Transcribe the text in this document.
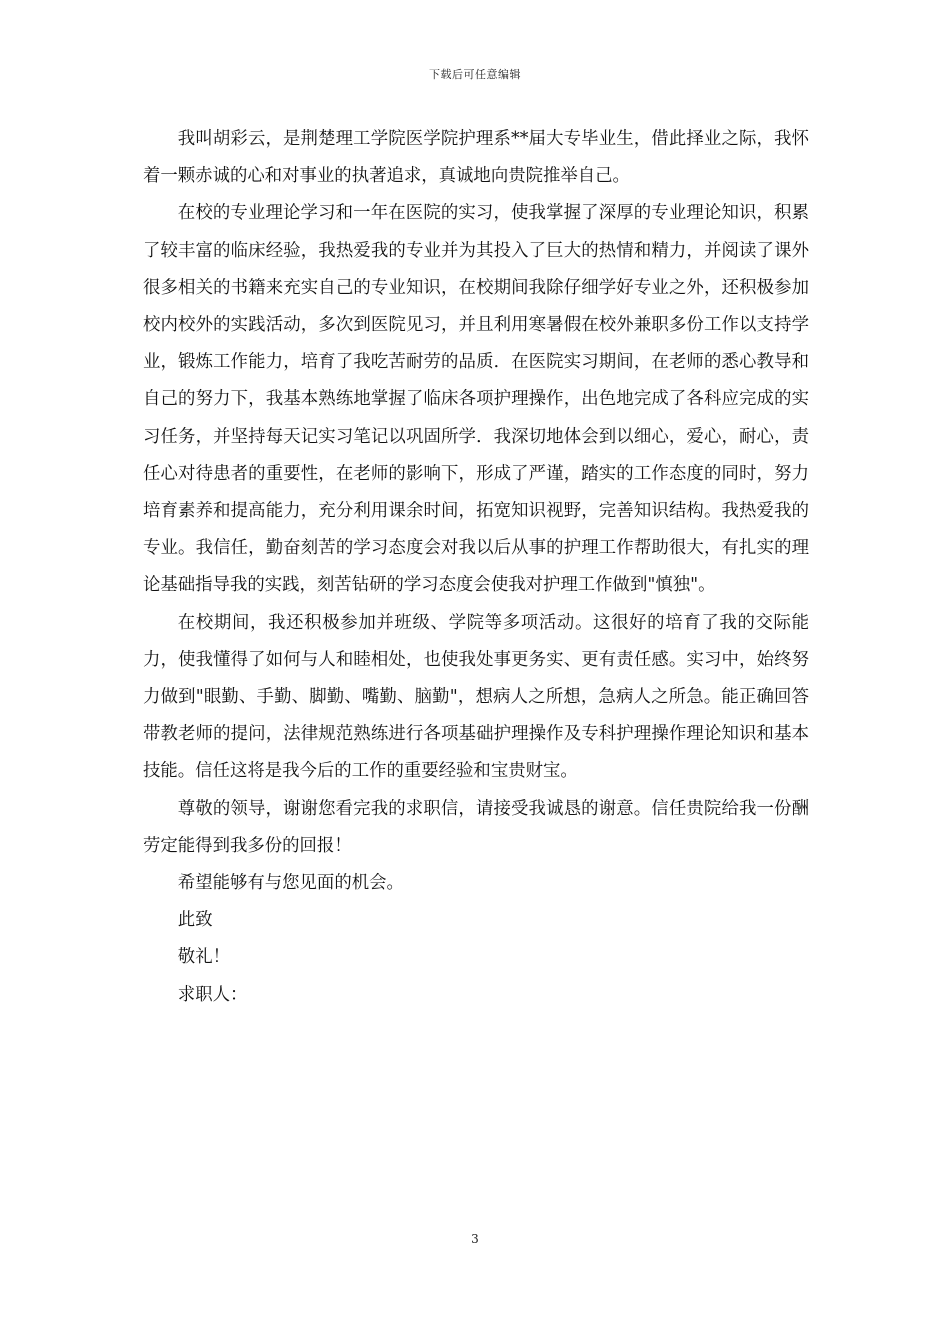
下载后可任意编辑

我叫胡彩云，是荆楚理工学院医学院护理系**届大专毕业生，借此择业之际，我怀着一颗赤诚的心和对事业的执著追求，真诚地向贵院推举自己。

在校的专业理论学习和一年在医院的实习，使我掌握了深厚的专业理论知识，积累了较丰富的临床经验，我热爱我的专业并为其投入了巨大的热情和精力，并阅读了课外很多相关的书籍来充实自己的专业知识，在校期间我除仔细学好专业之外，还积极参加校内校外的实践活动，多次到医院见习，并且利用寒暑假在校外兼职多份工作以支持学业，锻炼工作能力，培育了我吃苦耐劳的品质．在医院实习期间，在老师的悉心教导和自己的努力下，我基本熟练地掌握了临床各项护理操作，出色地完成了各科应完成的实习任务，并坚持每天记实习笔记以巩固所学．我深切地体会到以细心，爱心，耐心，责任心对待患者的重要性，在老师的影响下，形成了严谨，踏实的工作态度的同时，努力培育素养和提高能力，充分利用课余时间，拓宽知识视野，完善知识结构。我热爱我的专业。我信任，勤奋刻苦的学习态度会对我以后从事的护理工作帮助很大，有扎实的理论基础指导我的实践，刻苦钻研的学习态度会使我对护理工作做到"慎独"。

在校期间，我还积极参加并班级、学院等多项活动。这很好的培育了我的交际能力，使我懂得了如何与人和睦相处，也使我处事更务实、更有责任感。实习中，始终努力做到"眼勤、手勤、脚勤、嘴勤、脑勤"，想病人之所想，急病人之所急。能正确回答带教老师的提问，法律规范熟练进行各项基础护理操作及专科护理操作理论知识和基本技能。信任这将是我今后的工作的重要经验和宝贵财宝。

尊敬的领导，谢谢您看完我的求职信，请接受我诚恳的谢意。信任贵院给我一份酬劳定能得到我多份的回报！

希望能够有与您见面的机会。

此致

敬礼！

求职人：

3
